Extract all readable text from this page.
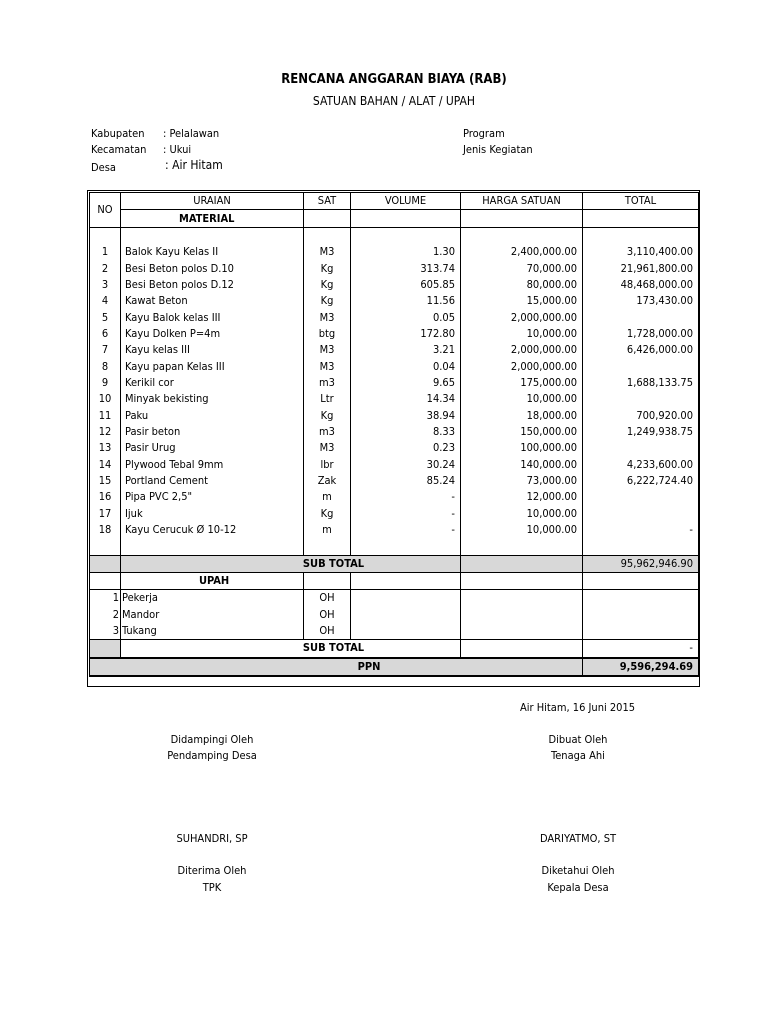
RENCANA ANGGARAN BIAYA (RAB)
SATUAN BAHAN / ALAT / UPAH
Kabupaten : Pelalawan
Kecamatan : Ukui
Desa	: Air Hitam
Program
Jenis Kegiatan
NO	URAIAN	SAT	VOLUME	HARGA SATUAN	TOTAL
	MATERIAL				

1	Balok Kayu Kelas II	M3	1.30	2,400,000.00	3,110,400.00
2	Besi Beton polos D.10	Kg	313.74	70,000.00	21,961,800.00
3	Besi Beton polos D.12	Kg	605.85	80,000.00	48,468,000.00
4	Kawat Beton	Kg	11.56	15,000.00	173,430.00
5	Kayu Balok kelas III	M3	0.05	2,000,000.00	
6	Kayu Dolken P=4m	btg	172.80	10,000.00	1,728,000.00
7	Kayu kelas III	M3	3.21	2,000,000.00	6,426,000.00
8	Kayu papan Kelas III	M3	0.04	2,000,000.00	
9	Kerikil cor	m3	9.65	175,000.00	1,688,133.75
10	Minyak bekisting	Ltr	14.34	10,000.00	
11	Paku	Kg	38.94	18,000.00	700,920.00
12	Pasir beton	m3	8.33	150,000.00	1,249,938.75
13	Pasir Urug	M3	0.23	100,000.00	
14	Plywood Tebal 9mm	lbr	30.24	140,000.00	4,233,600.00
15	Portland Cement	Zak	85.24	73,000.00	6,222,724.40
16	Pipa PVC 2,5"	m	-	12,000.00	
17	Ijuk	Kg	-	10,000.00	
18	Kayu Cerucuk Ø 10-12	m	-	10,000.00	-

	SUB TOTAL				95,962,946.90
	UPAH				
1	Pekerja	OH			
2	Mandor	OH			
3	Tukang	OH			
	SUB TOTAL				-
PPN					9,596,294.69
Air Hitam, 16 Juni 2015
Didampingi Oleh
Pendamping Desa
Dibuat Oleh
Tenaga Ahi
SUHANDRI, SP	DARIYATMO, ST
Diterima Oleh
TPK
Diketahui Oleh
Kepala Desa
